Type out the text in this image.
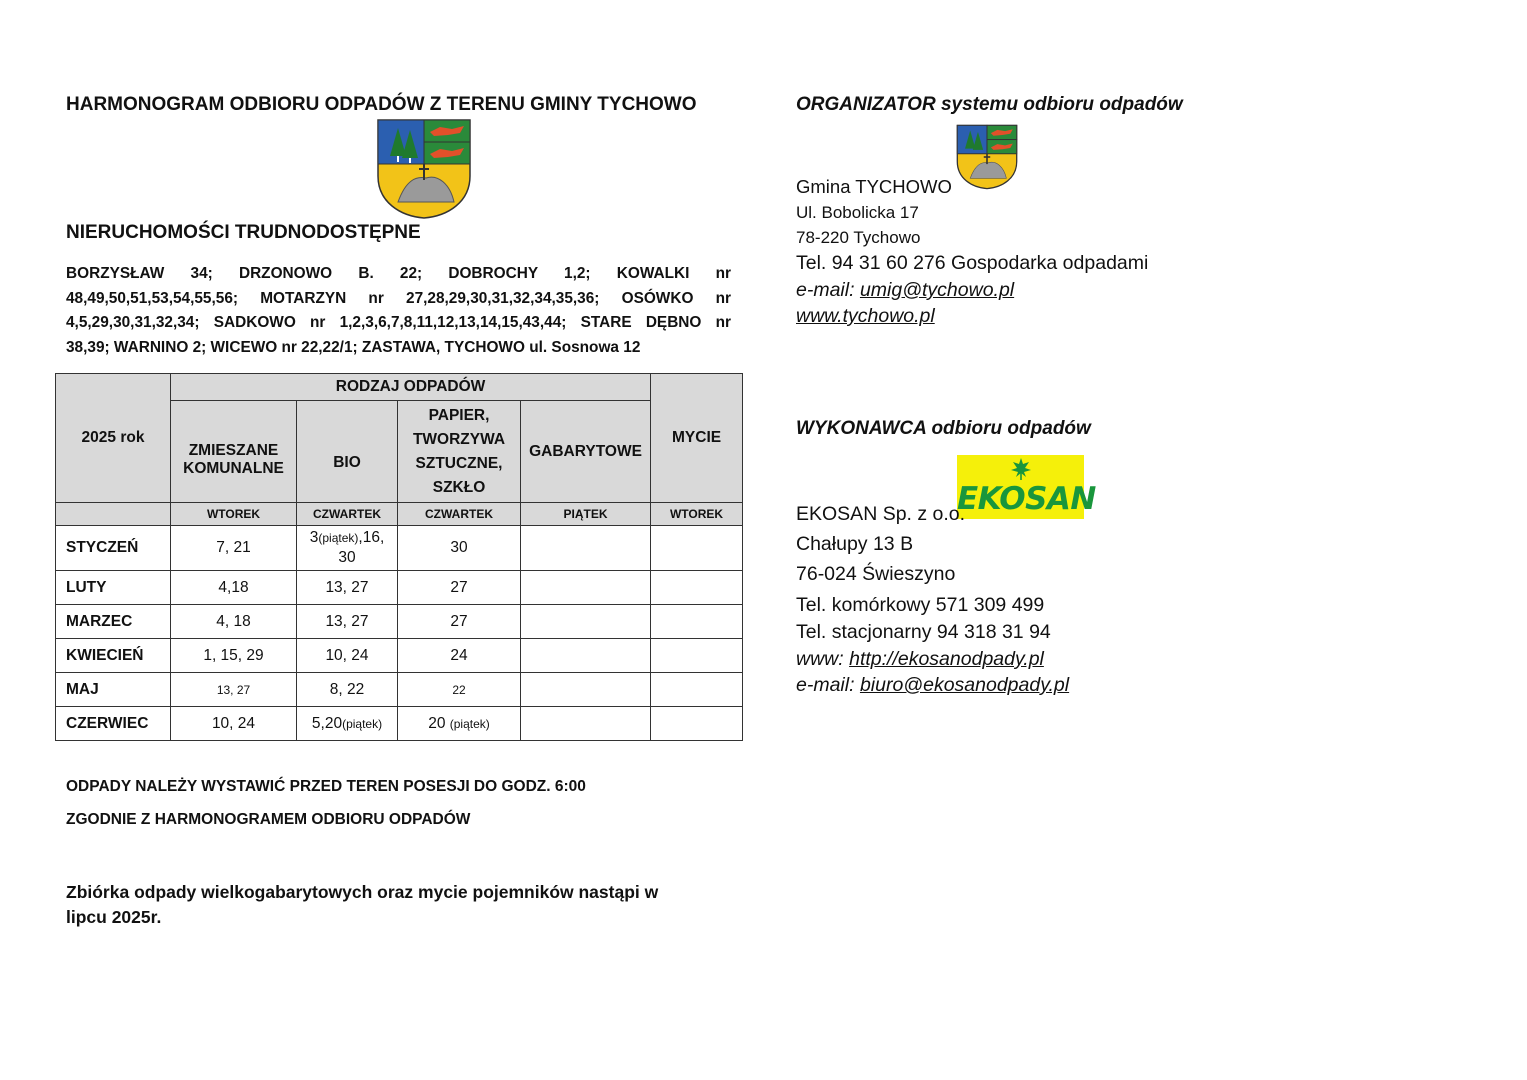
HARMONOGRAM ODBIORU ODPADÓW Z TERENU GMINY TYCHOWO
NIERUCHOMOŚCI TRUDNODOSTĘPNE
BORZYSŁAW 34; DRZONOWO B. 22; DOBROCHY 1,2; KOWALKI nr
48,49,50,51,53,54,55,56; MOTARZYN nr 27,28,29,30,31,32,34,35,36; OSÓWKO nr
4,5,29,30,31,32,34; SADKOWO nr 1,2,3,6,7,8,11,12,13,14,15,43,44; STARE DĘBNO nr
38,39; WARNINO 2; WICEWO nr 22,22/1; ZASTAWA, TYCHOWO ul. Sosnowa 12
2025 rok	RODZAJ ODPADÓW				MYCIE
	ZMIESZANE KOMUNALNE	BIO	PAPIER,
TWORZYWA
SZTUCZNE,
SZKŁO	GABARYTOWE	
	WTOREK	CZWARTEK	CZWARTEK	PIĄTEK	WTOREK
STYCZEŃ	7, 21	3(piątek),16,
30	30		
LUTY	4,18	13, 27	27		
MARZEC	4, 18	13, 27	27		
KWIECIEŃ	1, 15, 29	10, 24	24		
MAJ	13, 27	8, 22	22		
CZERWIEC	10, 24	5,20(piątek)	20 (piątek)		
ODPADY NALEŻY WYSTAWIĆ PRZED TEREN POSESJI DO GODZ. 6:00
ZGODNIE Z HARMONOGRAMEM ODBIORU ODPADÓW
Zbiórka odpady wielkogabarytowych oraz mycie pojemników nastąpi w lipcu 2025r.
ORGANIZATOR systemu odbioru odpadów
Gmina TYCHOWO
Ul. Bobolicka 17
78-220 Tychowo
Tel. 94 31 60 276 Gospodarka odpadami
e-mail: umig@tychowo.pl
www.tychowo.pl
WYKONAWCA odbioru odpadów
EKOSAN
EKOSAN Sp. z o.o.
Chałupy 13 B
76-024 Świeszyno
Tel. komórkowy 571 309 499
Tel. stacjonarny 94 318 31 94
www: http://ekosanodpady.pl
e-mail: biuro@ekosanodpady.pl
